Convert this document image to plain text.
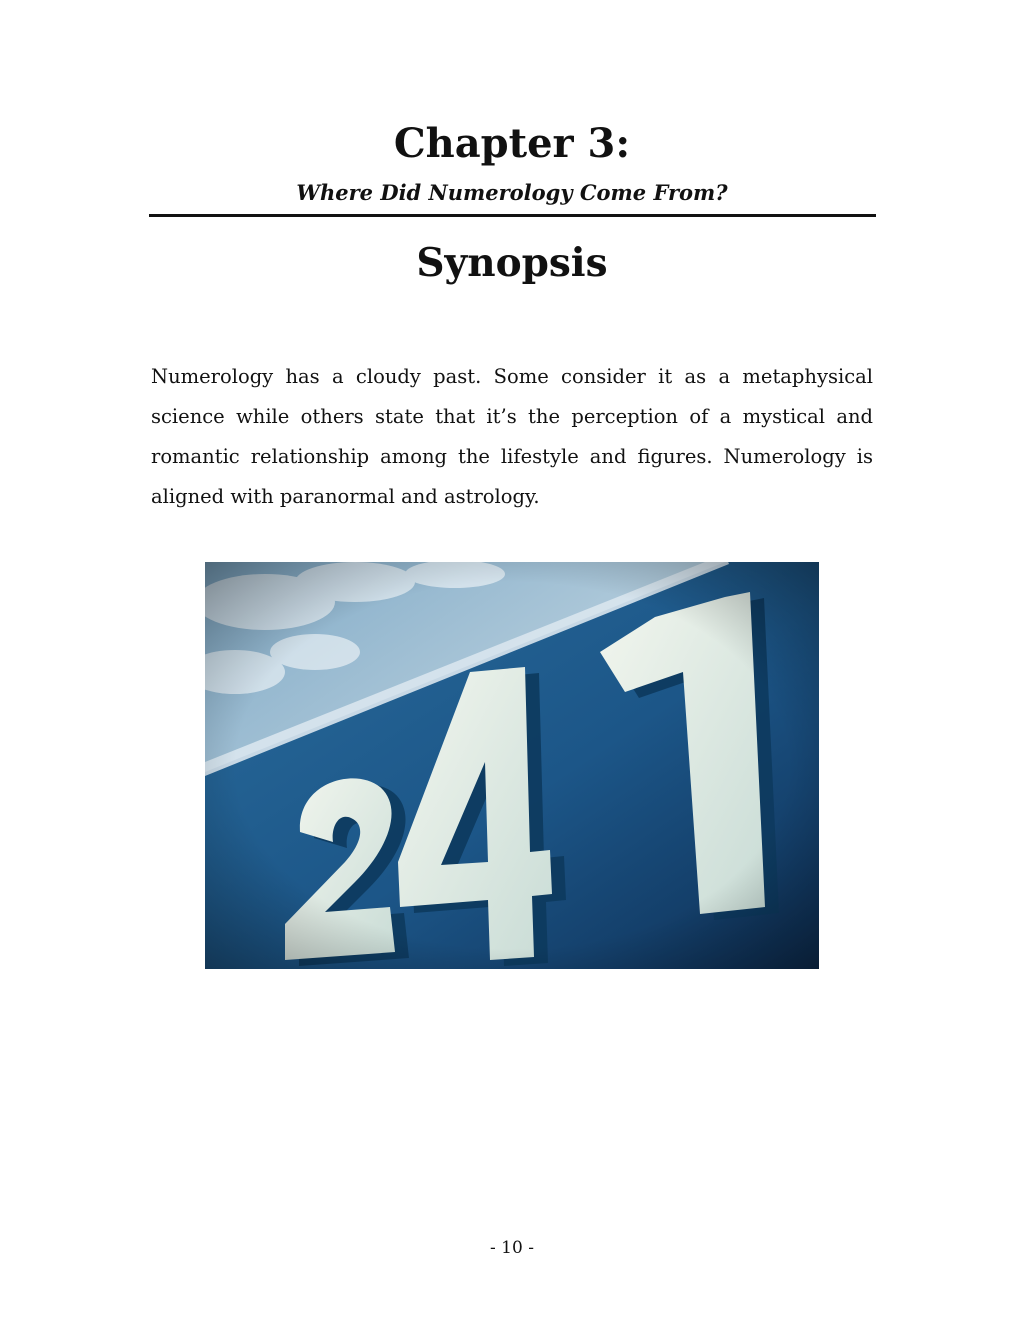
Chapter 3:
Where Did Numerology Come From?
Synopsis

Numerology has a cloudy past. Some consider it as a metaphysical science while others state that it’s the perception of a mystical and romantic relationship among the lifestyle and figures. Numerology is aligned with paranormal and astrology.

- 10 -
